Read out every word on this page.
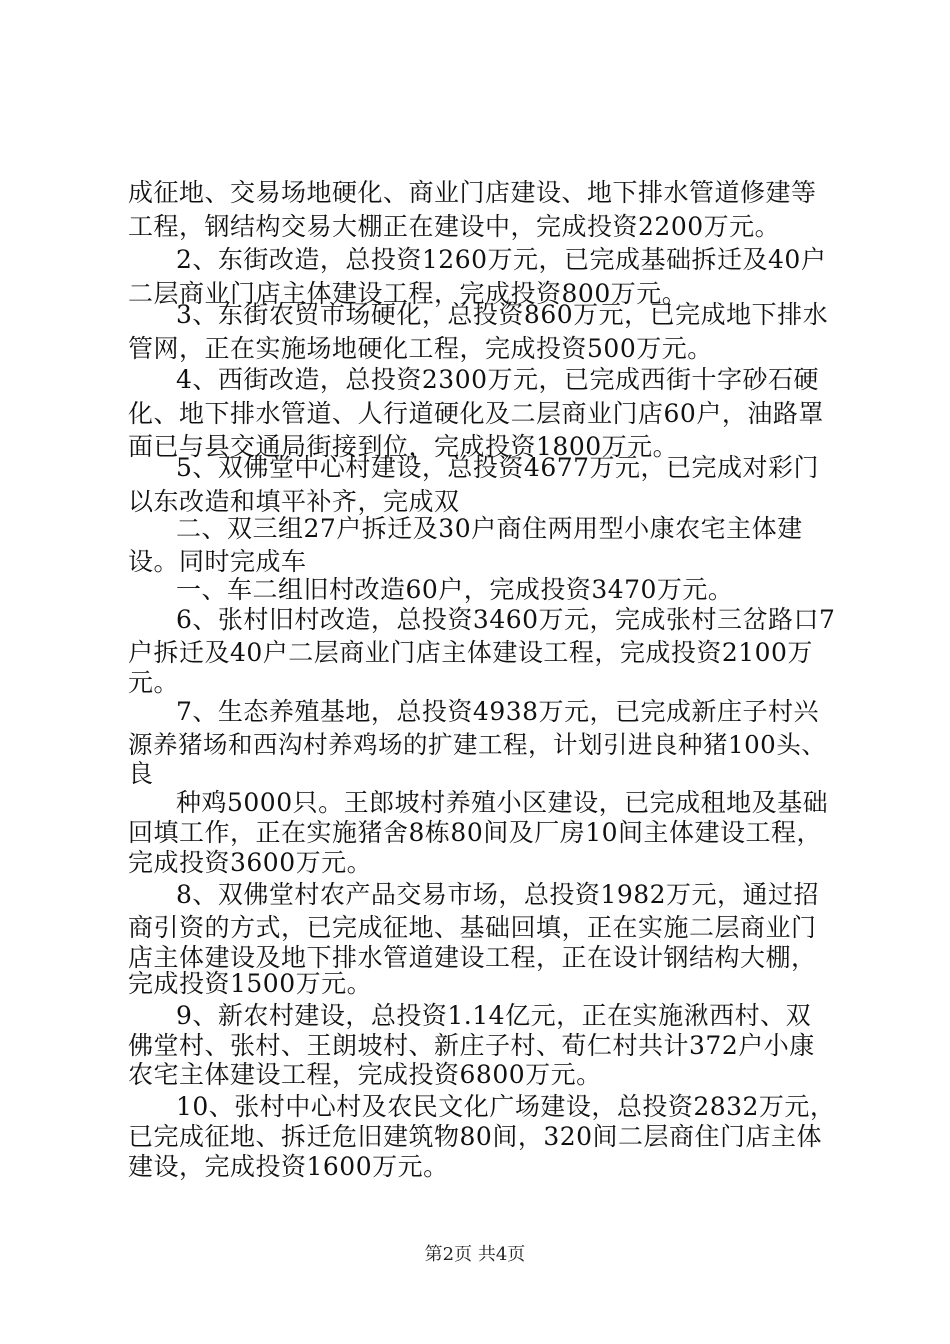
成征地、交易场地硬化、商业门店建设、地下排水管道修建等
工程，钢结构交易大棚正在建设中，完成投资2200万元。
2、东街改造，总投资1260万元，已完成基础拆迁及40户
二层商业门店主体建设工程，完成投资800万元。
3、东街农贸市场硬化，总投资860万元，已完成地下排水
管网，正在实施场地硬化工程，完成投资500万元。
4、西街改造，总投资2300万元，已完成西街十字砂石硬
化、地下排水管道、人行道硬化及二层商业门店60户，油路罩
面已与县交通局街接到位，完成投资1800万元。
5、双佛堂中心村建设，总投资4677万元，已完成对彩门
以东改造和填平补齐，完成双
二、双三组27户拆迁及30户商住两用型小康农宅主体建
设。同时完成车
一、车二组旧村改造60户，完成投资3470万元。
6、张村旧村改造，总投资3460万元，完成张村三岔路口7
户拆迁及40户二层商业门店主体建设工程，完成投资2100万
元。
7、生态养殖基地，总投资4938万元，已完成新庄子村兴
源养猪场和西沟村养鸡场的扩建工程，计划引进良种猪100头、
良
种鸡5000只。王郎坡村养殖小区建设，已完成租地及基础
回填工作，正在实施猪舍8栋80间及厂房10间主体建设工程，
完成投资3600万元。
8、双佛堂村农产品交易市场，总投资1982万元，通过招
商引资的方式，已完成征地、基础回填，正在实施二层商业门
店主体建设及地下排水管道建设工程，正在设计钢结构大棚，
完成投资1500万元。
9、新农村建设，总投资1.14亿元，正在实施湫西村、双
佛堂村、张村、王朗坡村、新庄子村、荀仁村共计372户小康
农宅主体建设工程，完成投资6800万元。
10、张村中心村及农民文化广场建设，总投资2832万元，
已完成征地、拆迁危旧建筑物80间，320间二层商住门店主体
建设，完成投资1600万元。
第2页 共4页
